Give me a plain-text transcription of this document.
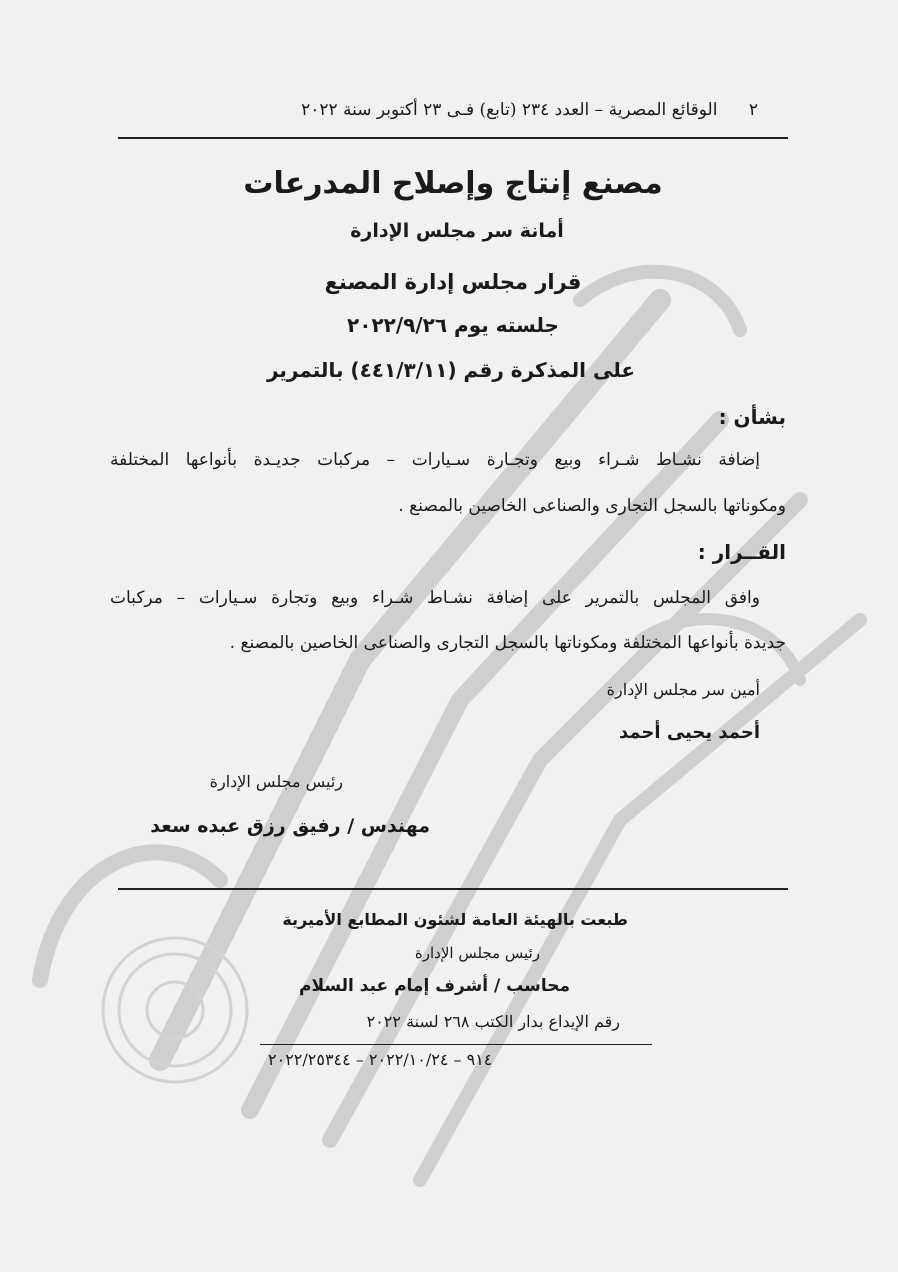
٢ الوقائع المصرية – العدد ٢٣٤ (تابع) فـى ٢٣ أكتوبر سنة ٢٠٢٢
مصنع إنتاج وإصلاح المدرعات
أمانة سر مجلس الإدارة
قرار مجلس إدارة المصنع
جلسته يوم ٢٠٢٢/٩/٢٦
على المذكرة رقم (٤٤١/٣/١١) بالتمرير
بشأن :
إضافة نشـاط شـراء وبيع وتجـارة سـيارات – مركبات جديـدة بأنواعها المختلفة
ومكوناتها بالسجل التجارى والصناعى الخاصين بالمصنع .
القــرار :
وافق المجلس بالتمرير على إضافة نشـاط شـراء وبيع وتجارة سـيارات – مركبات
جديدة بأنواعها المختلفة ومكوناتها بالسجل التجارى والصناعى الخاصين بالمصنع .
أمين سر مجلس الإدارة
أحمد يحيى أحمد
رئيس مجلس الإدارة
مهندس / رفيق رزق عبده سعد
طبعت بالهيئة العامة لشئون المطابع الأميرية
رئيس مجلس الإدارة
محاسب / أشرف إمام عبد السلام
رقم الإيداع بدار الكتب ٢٦٨ لسنة ٢٠٢٢
٩١٤ – ٢٠٢٢/١٠/٢٤ – ٢٠٢٢/٢٥٣٤٤
